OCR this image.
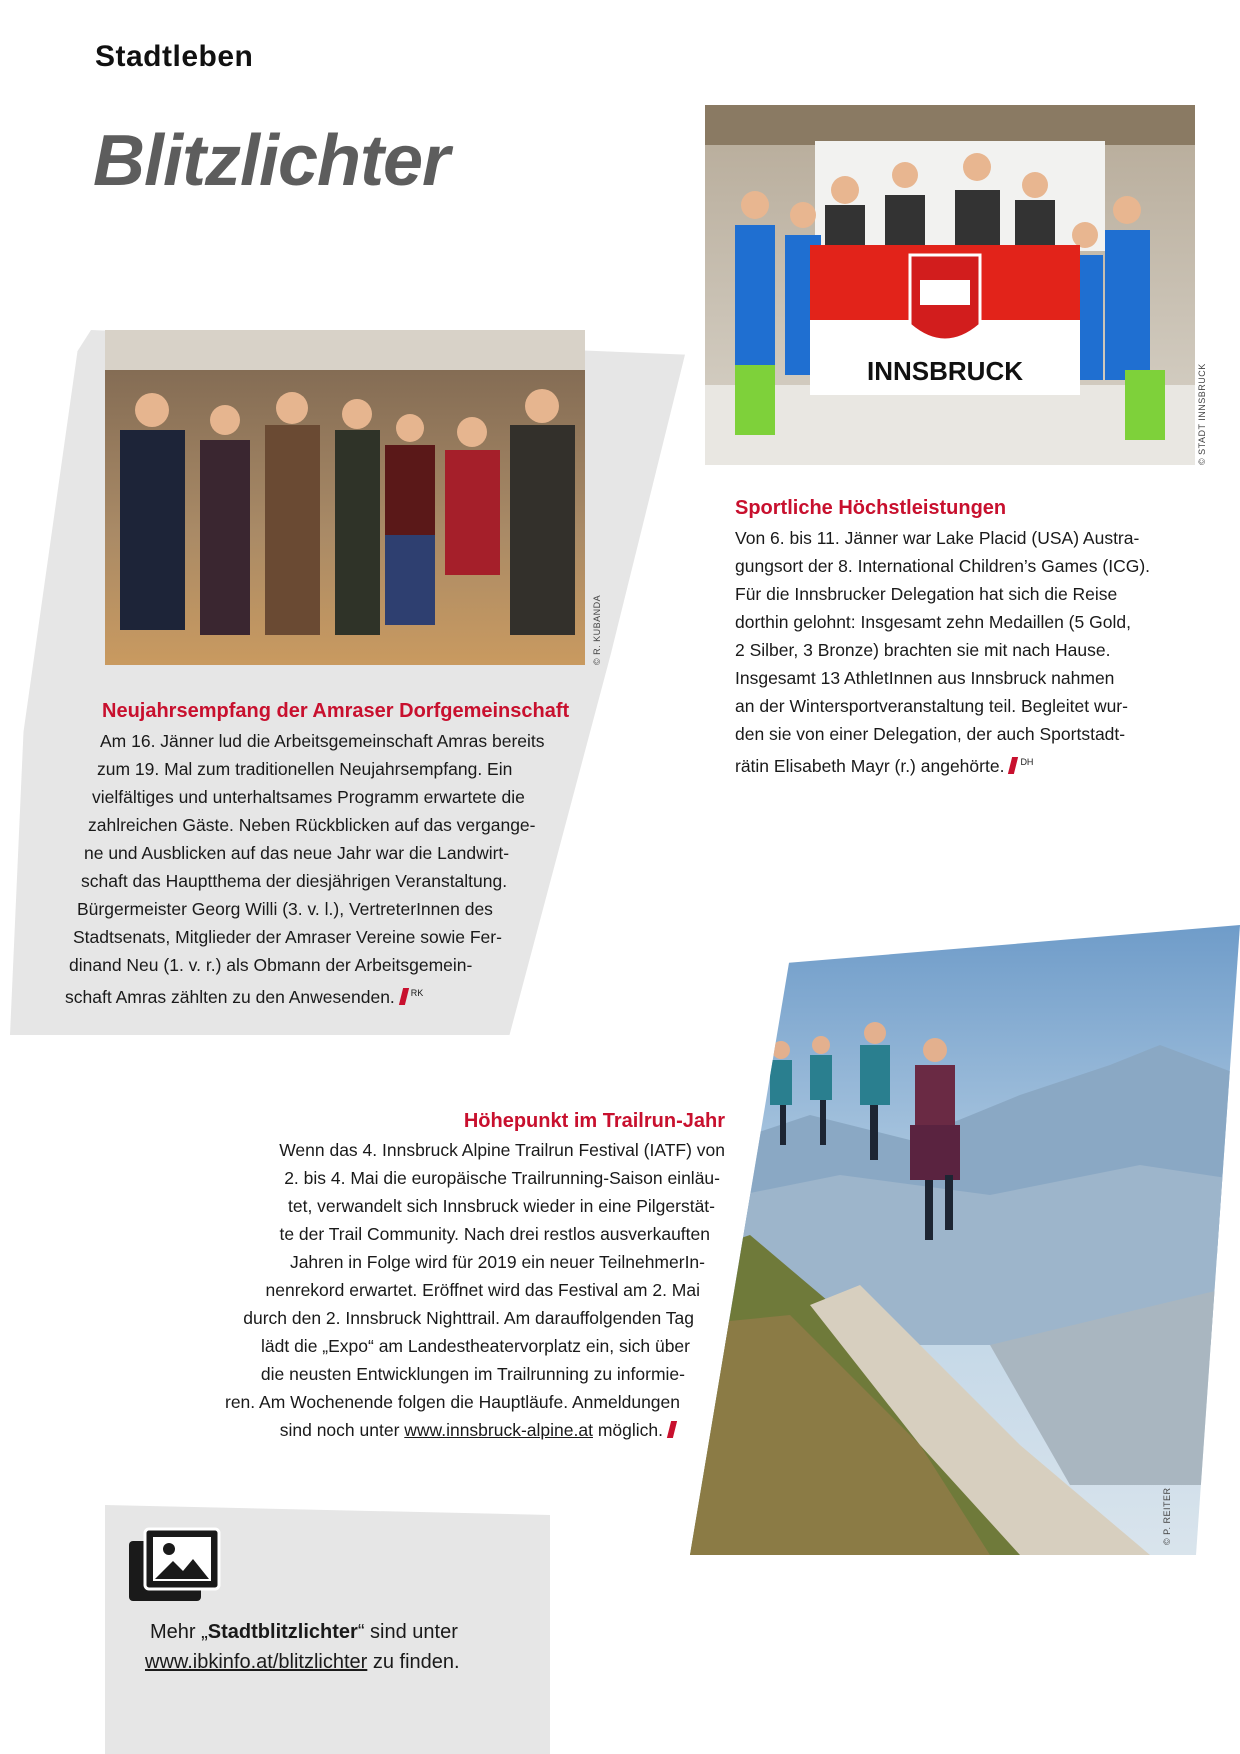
Stadtleben
Blitzlichter
INNSBRUCK	© STADT INNSBRUCK
Sportliche Höchstleistungen
Von 6. bis 11. Jänner war Lake Placid (USA) Austra-
gungsort der 8. International Children’s Games (ICG).
Für die Innsbrucker Delegation hat sich die Reise
dorthin gelohnt: Insgesamt zehn Medaillen (5 Gold,
2 Silber, 3 Bronze) brachten sie mit nach Hause.
Insgesamt 13 AthletInnen aus Innsbruck nahmen
an der Wintersportveranstaltung teil. Begleitet wur-
den sie von einer Delegation, der auch Sportstadt-
rätin Elisabeth Mayr (r.) angehörte. $^{DH}$
© R. KUBANDA
Neujahrsempfang der Amraser Dorfgemeinschaft
Am 16. Jänner lud die Arbeitsgemeinschaft Amras bereits
zum 19. Mal zum traditionellen Neujahrsempfang. Ein
vielfältiges und unterhaltsames Programm erwartete die
zahlreichen Gäste. Neben Rückblicken auf das vergange-
ne und Ausblicken auf das neue Jahr war die Landwirt-
schaft das Hauptthema der diesjährigen Veranstaltung.
Bürgermeister Georg Willi (3. v. l.), VertreterInnen des
Stadtsenats, Mitglieder der Amraser Vereine sowie Fer-
dinand Neu (1. v. r.) als Obmann der Arbeitsgemein-
schaft Amras zählten zu den Anwesenden. $^{RK}$
© P. REITER
Höhepunkt im Trailrun-Jahr
Wenn das 4. Innsbruck Alpine Trailrun Festival (IATF) von
2. bis 4. Mai die europäische Trailrunning-Saison einläu-
tet, verwandelt sich Innsbruck wieder in eine Pilgerstät-
te der Trail Community. Nach drei restlos ausverkauften
Jahren in Folge wird für 2019 ein neuer TeilnehmerIn-
nenrekord erwartet. Eröffnet wird das Festival am 2. Mai
durch den 2. Innsbruck Nighttrail. Am darauffolgenden Tag
lädt die „Expo“ am Landestheatervorplatz ein, sich über
die neusten Entwicklungen im Trailrunning zu informie-
ren. Am Wochenende folgen die Hauptläufe. Anmeldungen
sind noch unter www.innsbruck-alpine.at möglich.
Mehr „Stadtblitzlichter“ sind unter
www.ibkinfo.at/blitzlichter zu finden.
